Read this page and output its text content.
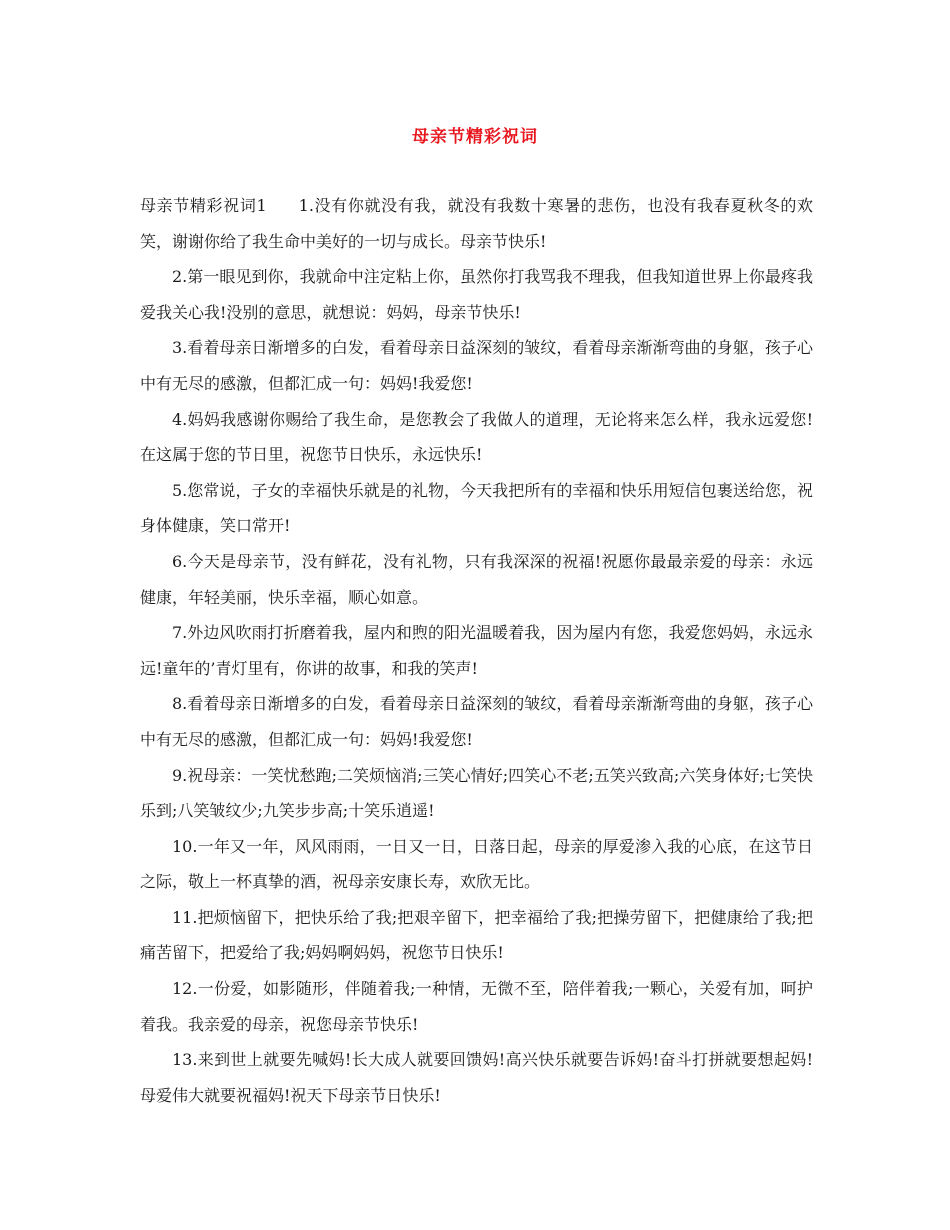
母亲节精彩祝词

母亲节精彩祝词1 1.没有你就没有我，就没有我数十寒暑的悲伤，也没有我春夏秋冬的欢笑，谢谢你给了我生命中美好的一切与成长。母亲节快乐!

2.第一眼见到你，我就命中注定粘上你，虽然你打我骂我不理我，但我知道世界上你最疼我爱我关心我!没别的意思，就想说：妈妈，母亲节快乐!

3.看着母亲日渐增多的白发，看着母亲日益深刻的皱纹，看着母亲渐渐弯曲的身躯，孩子心中有无尽的感激，但都汇成一句：妈妈!我爱您!

4.妈妈我感谢你赐给了我生命，是您教会了我做人的道理，无论将来怎么样，我永远爱您!在这属于您的节日里，祝您节日快乐，永远快乐!

5.您常说，子女的幸福快乐就是的礼物，今天我把所有的幸福和快乐用短信包裹送给您，祝身体健康，笑口常开!

6.今天是母亲节，没有鲜花，没有礼物，只有我深深的祝福!祝愿你最最亲爱的母亲：永远健康，年轻美丽，快乐幸福，顺心如意。

7.外边风吹雨打折磨着我，屋内和煦的阳光温暖着我，因为屋内有您，我爱您妈妈，永远永远!童年的’青灯里有，你讲的故事，和我的笑声!

8.看着母亲日渐增多的白发，看着母亲日益深刻的皱纹，看着母亲渐渐弯曲的身躯，孩子心中有无尽的感激，但都汇成一句：妈妈!我爱您!

9.祝母亲：一笑忧愁跑;二笑烦恼消;三笑心情好;四笑心不老;五笑兴致高;六笑身体好;七笑快乐到;八笑皱纹少;九笑步步高;十笑乐逍遥!

10.一年又一年，风风雨雨，一日又一日，日落日起，母亲的厚爱渗入我的心底，在这节日之际，敬上一杯真挚的酒，祝母亲安康长寿，欢欣无比。

11.把烦恼留下，把快乐给了我;把艰辛留下，把幸福给了我;把操劳留下，把健康给了我;把痛苦留下，把爱给了我;妈妈啊妈妈，祝您节日快乐!

12.一份爱，如影随形，伴随着我;一种情，无微不至，陪伴着我;一颗心，关爱有加，呵护着我。我亲爱的母亲，祝您母亲节快乐!

13.来到世上就要先喊妈!长大成人就要回馈妈!高兴快乐就要告诉妈!奋斗打拼就要想起妈!母爱伟大就要祝福妈!祝天下母亲节日快乐!
